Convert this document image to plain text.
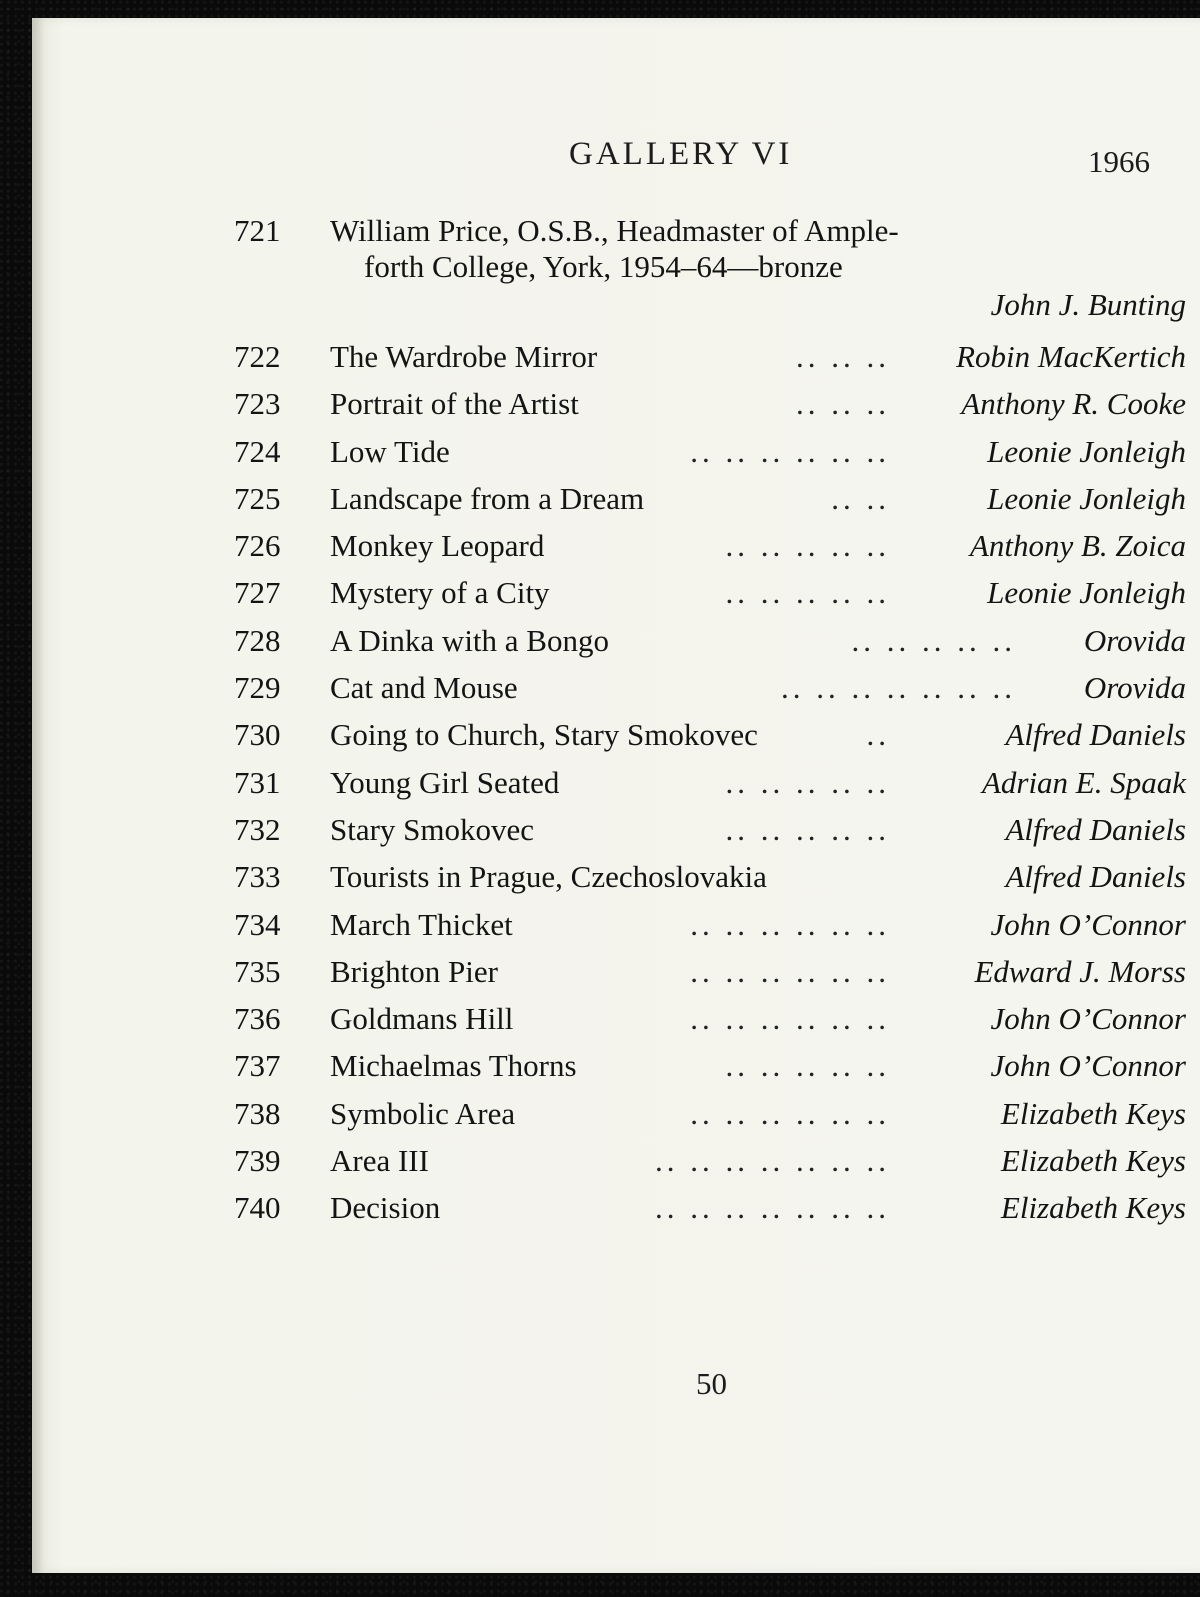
GALLERY VI	1966
721 William Price, O.S.B., Headmaster of Ample-
forth College, York, 1954–64—bronze
John J. Bunting
722 The Wardrobe Mirror	.. .. .. Robin MacKertich
723 Portrait of the Artist	.. .. .. Anthony R. Cooke
724 Low Tide	.. .. .. .. .. ..	Leonie Jonleigh
725 Landscape from a Dream	.. ..	Leonie Jonleigh
726 Monkey Leopard	.. .. .. .. ..	Anthony B. Zoica
727 Mystery of a City	.. .. .. .. ..	Leonie Jonleigh
728 A Dinka with a Bongo	.. .. .. .. .. Orovida
729 Cat and Mouse	.. .. .. .. .. .. .. Orovida
730 Going to Church, Stary Smokovec	..	Alfred Daniels
731 Young Girl Seated	.. .. .. .. ..	Adrian E. Spaak
732 Stary Smokovec	.. .. .. .. ..	Alfred Daniels
733 Tourists in Prague, Czechoslovakia	Alfred Daniels
734 March Thicket	.. .. .. .. .. ..	John O’Connor
735 Brighton Pier	.. .. .. .. .. ..	Edward J. Morss
736 Goldmans Hill	.. .. .. .. .. ..	John O’Connor
737 Michaelmas Thorns	.. .. .. .. ..	John O’Connor
738 Symbolic Area	.. .. .. .. .. ..	Elizabeth Keys
739 Area III	.. .. .. .. .. .. ..	Elizabeth Keys
740 Decision	.. .. .. .. .. .. ..	Elizabeth Keys
50
